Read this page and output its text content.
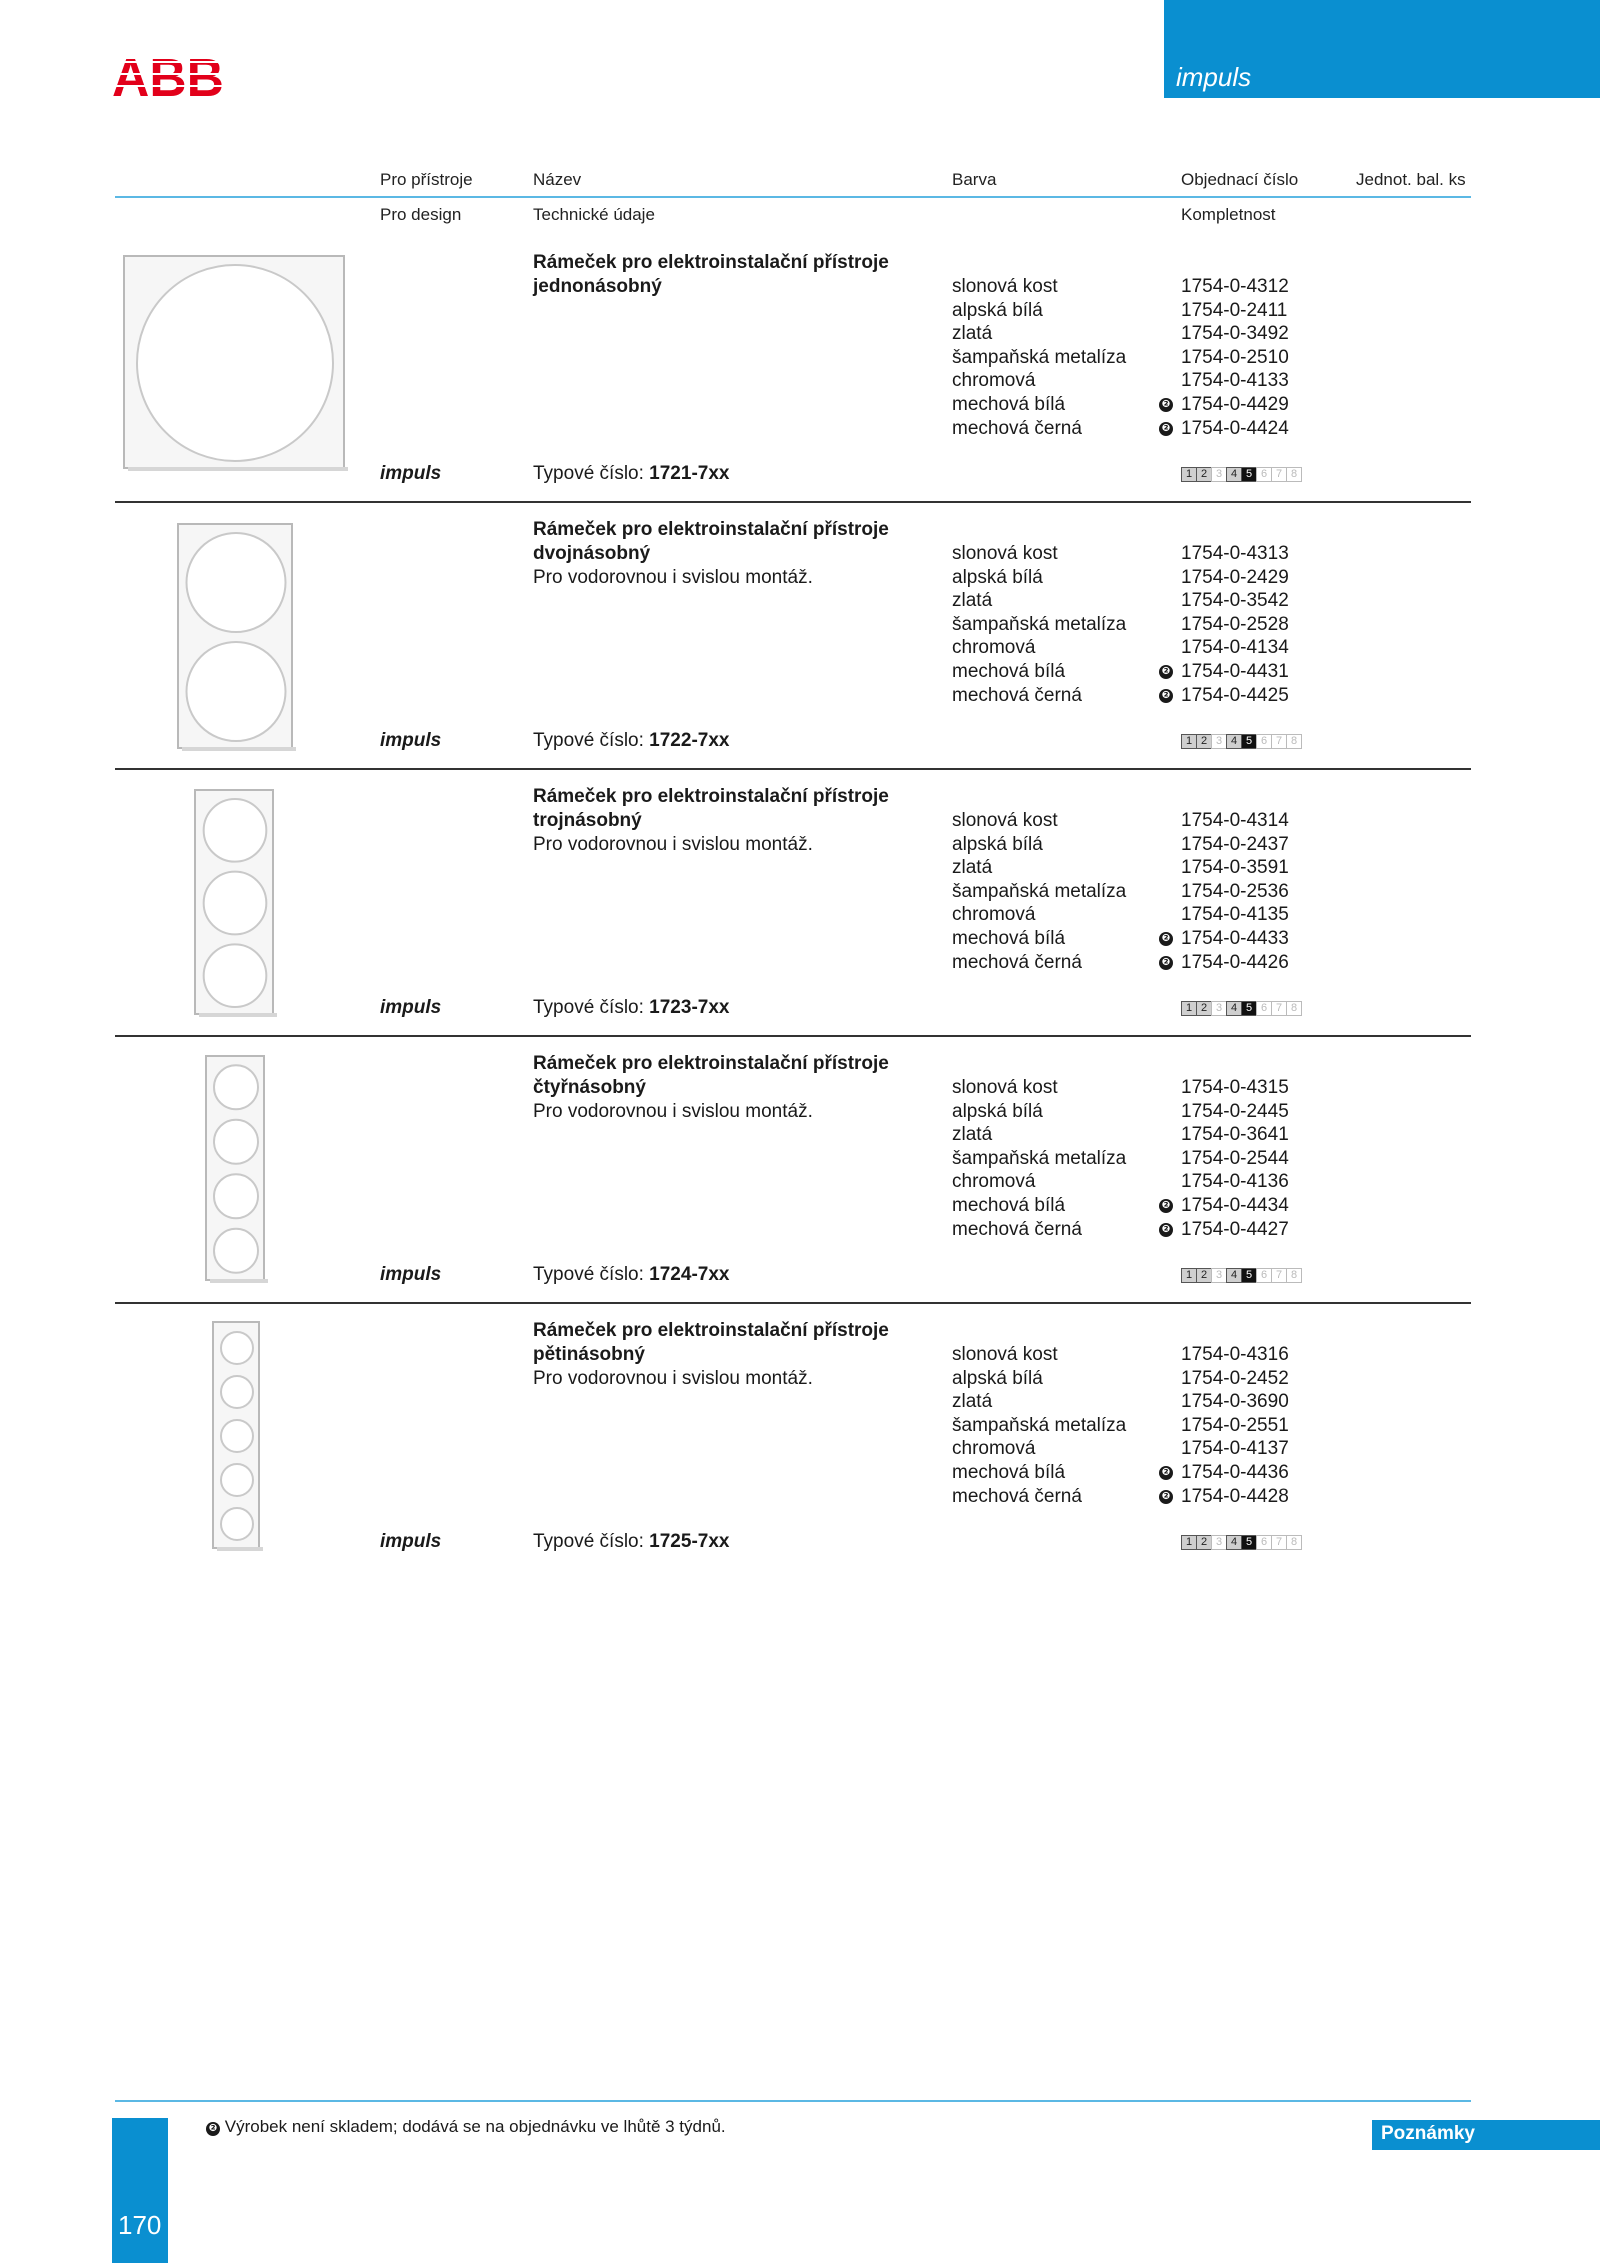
ABB	impuls
Pro přístroje	Název	Barva	Objednací číslo	Jednot. bal. ks
Pro design	Technické údaje	Kompletnost
Rámeček pro elektroinstalační přístroje
jednonásobný	slonová kost	1754-0-4312
alpská bílá	1754-0-2411
zlatá	1754-0-3492
šampaňská metalíza	1754-0-2510
chromová	1754-0-4133
mechová bílá	❷ 1754-0-4429
mechová černá	❷ 1754-0-4424
impuls	Typové číslo: 1721-7xx	1 2 3 4 5 6 7 8
Rámeček pro elektroinstalační přístroje
dvojnásobný
Pro vodorovnou i svislou montáž.
slonová kost	1754-0-4313
alpská bílá	1754-0-2429
zlatá	1754-0-3542
šampaňská metalíza	1754-0-2528
chromová	1754-0-4134
mechová bílá	❷ 1754-0-4431
mechová černá	❷ 1754-0-4425
impuls	Typové číslo: 1722-7xx	1 2 3 4 5 6 7 8
Rámeček pro elektroinstalační přístroje
trojnásobný
Pro vodorovnou i svislou montáž.
slonová kost	1754-0-4314
alpská bílá	1754-0-2437
zlatá	1754-0-3591
šampaňská metalíza	1754-0-2536
chromová	1754-0-4135
mechová bílá	❷ 1754-0-4433
mechová černá	❷ 1754-0-4426
impuls	Typové číslo: 1723-7xx	1 2 3 4 5 6 7 8
Rámeček pro elektroinstalační přístroje
čtyřnásobný
Pro vodorovnou i svislou montáž.
slonová kost	1754-0-4315
alpská bílá	1754-0-2445
zlatá	1754-0-3641
šampaňská metalíza	1754-0-2544
chromová	1754-0-4136
mechová bílá	❷ 1754-0-4434
mechová černá	❷ 1754-0-4427
impuls	Typové číslo: 1724-7xx	1 2 3 4 5 6 7 8
Rámeček pro elektroinstalační přístroje
pětinásobný
Pro vodorovnou i svislou montáž.
slonová kost	1754-0-4316
alpská bílá	1754-0-2452
zlatá	1754-0-3690
šampaňská metalíza	1754-0-2551
chromová	1754-0-4137
mechová bílá	❷ 1754-0-4436
mechová černá	❷ 1754-0-4428
impuls	Typové číslo: 1725-7xx	1 2 3 4 5 6 7 8
❷ Výrobek není skladem; dodává se na objednávku ve lhůtě 3 týdnů.	Poznámky
170
